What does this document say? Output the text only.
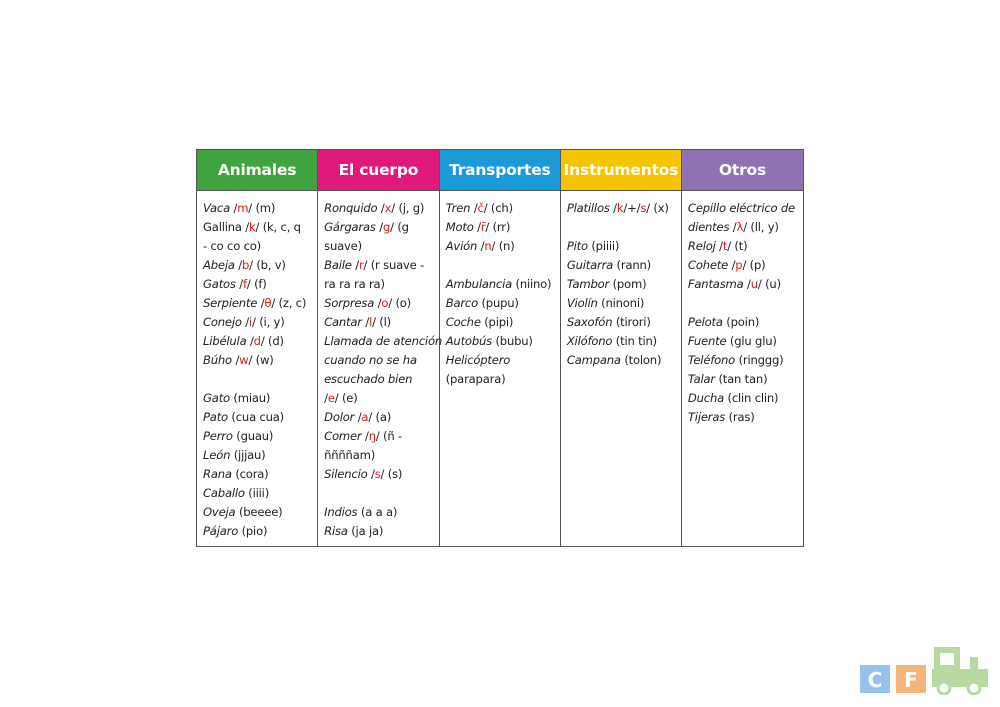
Animales
Vaca /m/ (m)
Gallina /k/ (k, c, q
- co co co)
Abeja /b/ (b, v)
Gatos /f/ (f)
Serpiente /θ/ (z, c)
Conejo /i/ (i, y)
Libélula /d/ (d)
Búho /w/ (w)
Gato (miau)
Pato (cua cua)
Perro (guau)
León (jjjau)
Rana (cora)
Caballo (iiii)
Oveja (beeee)
Pájaro (pio)
El cuerpo
Ronquido /x/ (j, g)
Gárgaras /g/ (g
suave)
Baile /r/ (r suave -
ra ra ra ra)
Sorpresa /o/ (o)
Cantar /l/ (l)
Llamada de atención
cuando no se ha
escuchado bien
/e/ (e)
Dolor /a/ (a)
Comer /ŋ/ (ñ -
ññññam)
Silencio /s/ (s)
Indios (a a a)
Risa (ja ja)
Transportes
Tren /č/ (ch)
Moto /r̄/ (rr)
Avión /n/ (n)
Ambulancia (niino)
Barco (pupu)
Coche (pipi)
Autobús (bubu)
Helicóptero
(parapara)
Instrumentos
Platillos /k/+/s/ (x)
Pito (piiii)
Guitarra (rann)
Tambor (pom)
Violín (ninoni)
Saxofón (tirori)
Xilófono (tin tin)
Campana (tolon)
Otros
Cepillo eléctrico de
dientes /λ/ (ll, y)
Reloj /t/ (t)
Cohete /p/ (p)
Fantasma /u/ (u)
Pelota (poin)
Fuente (glu glu)
Teléfono (ringgg)
Talar (tan tan)
Ducha (clin clin)
Tijeras (ras)
C F
